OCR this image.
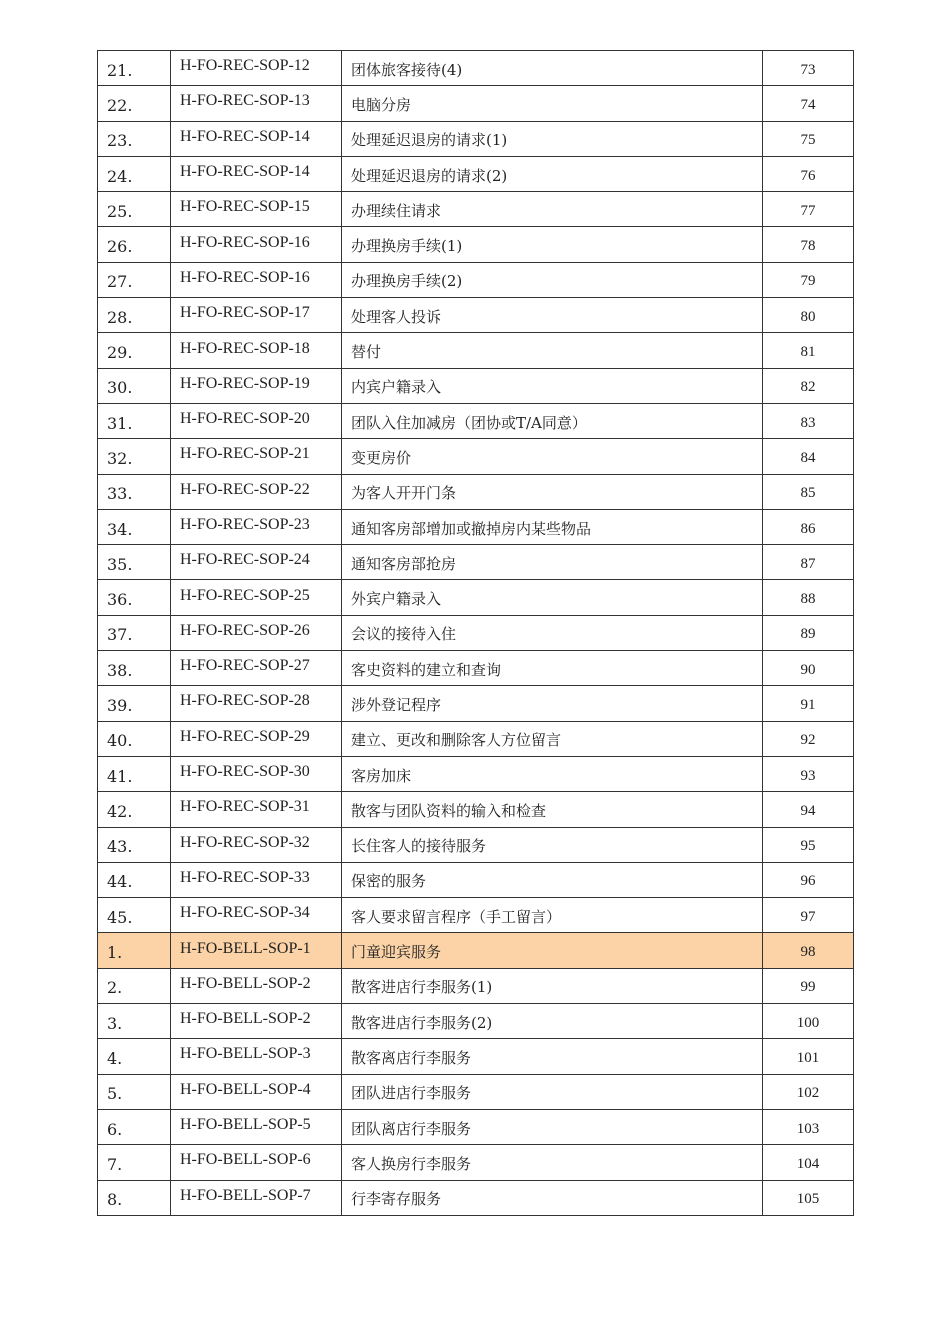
21.	H-FO-REC-SOP-12	团体旅客接待(4)	73
22.	H-FO-REC-SOP-13	电脑分房	74
23.	H-FO-REC-SOP-14	处理延迟退房的请求(1)	75
24.	H-FO-REC-SOP-14	处理延迟退房的请求(2)	76
25.	H-FO-REC-SOP-15	办理续住请求	77
26.	H-FO-REC-SOP-16	办理换房手续(1)	78
27.	H-FO-REC-SOP-16	办理换房手续(2)	79
28.	H-FO-REC-SOP-17	处理客人投诉	80
29.	H-FO-REC-SOP-18	替付	81
30.	H-FO-REC-SOP-19	内宾户籍录入	82
31.	H-FO-REC-SOP-20	团队入住加减房（团协或T/A同意）	83
32.	H-FO-REC-SOP-21	变更房价	84
33.	H-FO-REC-SOP-22	为客人开开门条	85
34.	H-FO-REC-SOP-23	通知客房部增加或撤掉房内某些物品	86
35.	H-FO-REC-SOP-24	通知客房部抢房	87
36.	H-FO-REC-SOP-25	外宾户籍录入	88
37.	H-FO-REC-SOP-26	会议的接待入住	89
38.	H-FO-REC-SOP-27	客史资料的建立和查询	90
39.	H-FO-REC-SOP-28	涉外登记程序	91
40.	H-FO-REC-SOP-29	建立、更改和删除客人方位留言	92
41.	H-FO-REC-SOP-30	客房加床	93
42.	H-FO-REC-SOP-31	散客与团队资料的输入和检查	94
43.	H-FO-REC-SOP-32	长住客人的接待服务	95
44.	H-FO-REC-SOP-33	保密的服务	96
45.	H-FO-REC-SOP-34	客人要求留言程序（手工留言）	97
1.	H-FO-BELL-SOP-1	门童迎宾服务	98
2.	H-FO-BELL-SOP-2	散客进店行李服务(1)	99
3.	H-FO-BELL-SOP-2	散客进店行李服务(2)	100
4.	H-FO-BELL-SOP-3	散客离店行李服务	101
5.	H-FO-BELL-SOP-4	团队进店行李服务	102
6.	H-FO-BELL-SOP-5	团队离店行李服务	103
7.	H-FO-BELL-SOP-6	客人换房行李服务	104
8.	H-FO-BELL-SOP-7	行李寄存服务	105
